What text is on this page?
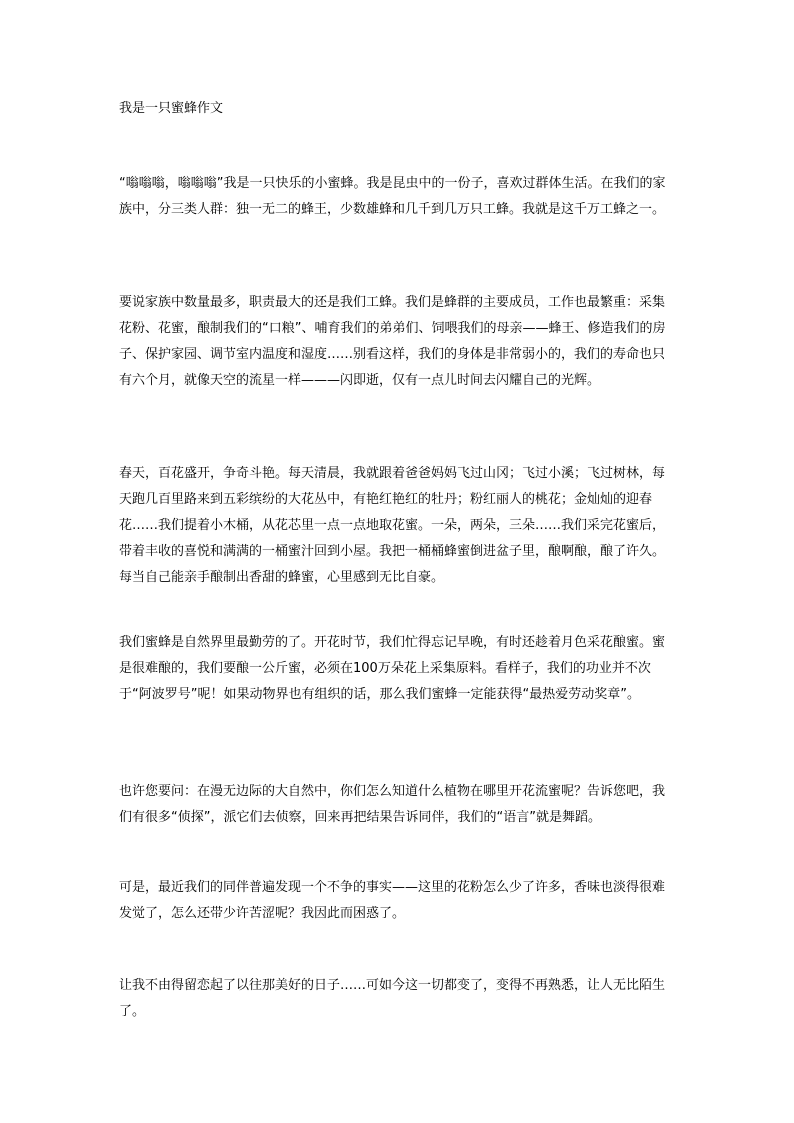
我是一只蜜蜂作文

“嗡嗡嗡，嗡嗡嗡”我是一只快乐的小蜜蜂。我是昆虫中的一份子，喜欢过群体生活。在我们的家族中，分三类人群：独一无二的蜂王，少数雄蜂和几千到几万只工蜂。我就是这千万工蜂之一。

要说家族中数量最多，职责最大的还是我们工蜂。我们是蜂群的主要成员，工作也最繁重：采集花粉、花蜜，酿制我们的“口粮”、哺育我们的弟弟们、饲喂我们的母亲——蜂王、修造我们的房子、保护家园、调节室内温度和湿度……别看这样，我们的身体是非常弱小的，我们的寿命也只有六个月，就像天空的流星一样———闪即逝，仅有一点儿时间去闪耀自己的光辉。

春天，百花盛开，争奇斗艳。每天清晨，我就跟着爸爸妈妈飞过山冈；飞过小溪；飞过树林，每天跑几百里路来到五彩缤纷的大花丛中，有艳红艳红的牡丹；粉红丽人的桃花；金灿灿的迎春花……我们提着小木桶，从花芯里一点一点地取花蜜。一朵，两朵，三朵……我们采完花蜜后，带着丰收的喜悦和满满的一桶蜜汁回到小屋。我把一桶桶蜂蜜倒进盆子里，酿啊酿，酿了许久。每当自己能亲手酿制出香甜的蜂蜜，心里感到无比自豪。

我们蜜蜂是自然界里最勤劳的了。开花时节，我们忙得忘记早晚，有时还趁着月色采花酿蜜。蜜是很难酿的，我们要酿一公斤蜜，必须在100万朵花上采集原料。看样子，我们的功业并不次于“阿波罗号”呢！如果动物界也有组织的话，那么我们蜜蜂一定能获得“最热爱劳动奖章”。

也许您要问：在漫无边际的大自然中，你们怎么知道什么植物在哪里开花流蜜呢？告诉您吧，我们有很多“侦探”，派它们去侦察，回来再把结果告诉同伴，我们的“语言”就是舞蹈。

可是，最近我们的同伴普遍发现一个不争的事实——这里的花粉怎么少了许多，香味也淡得很难发觉了，怎么还带少许苦涩呢？我因此而困惑了。

让我不由得留恋起了以往那美好的日子……可如今这一切都变了，变得不再熟悉，让人无比陌生了。
